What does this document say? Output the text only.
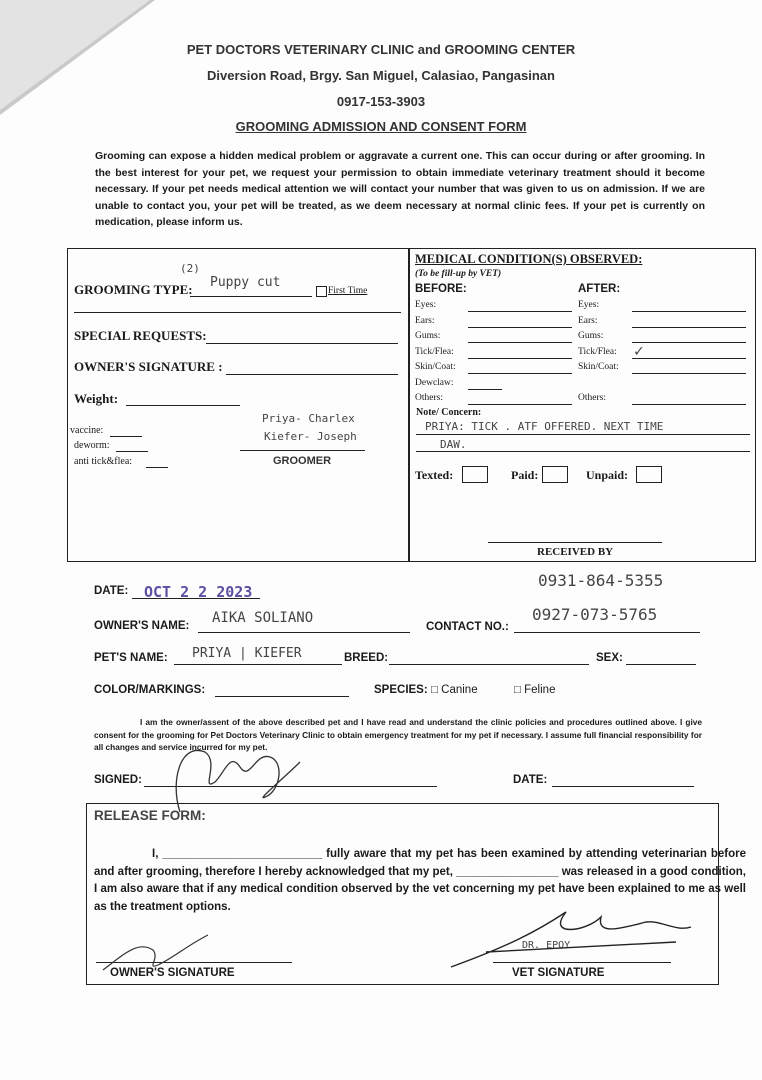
PET DOCTORS VETERINARY CLINIC and GROOMING CENTER
Diversion Road, Brgy. San Miguel, Calasiao, Pangasinan
0917-153-3903
GROOMING ADMISSION AND CONSENT FORM
Grooming can expose a hidden medical problem or aggravate a current one. This can occur during or after grooming. In the best interest for your pet, we request your permission to obtain immediate veterinary treatment should it become necessary. If your pet needs medical attention we will contact your number that was given to us on admission. If we are unable to contact you, your pet will be treated, as we deem necessary at normal clinic fees. If your pet is currently on medication, please inform us.
GROOMING TYPE:
(2)
Puppy cut
First Time
SPECIAL REQUESTS:
OWNER'S SIGNATURE :
Weight:
vaccine:
deworm:
anti tick&flea:
Priya- Charlex
Kiefer- Joseph
GROOMER
MEDICAL CONDITION(S) OBSERVED:
(To be fill-up by VET)
BEFORE:	AFTER:
Eyes:	Eyes:
Ears:	Ears:
Gums:	Gums:
Tick/Flea:	Tick/Flea: ✓
Skin/Coat:	Skin/Coat:
Dewclaw:
Others:	Others:
Note/ Concern:
PRIYA: TICK . ATF OFFERED. NEXT TIME
DAW.
Texted:	Paid:	Unpaid:
RECEIVED BY
DATE: OCT 2 2 2023
0931-864-5355
OWNER'S NAME: AIKA SOLIANO
CONTACT NO.:
0927-073-5765
PET'S NAME: PRIYA | KIEFER	BREED:	SEX:
COLOR/MARKINGS:	SPECIES: □ Canine	□ Feline
I am the owner/assent of the above described pet and I have read and understand the clinic policies and procedures outlined above. I give consent for the grooming for Pet Doctors Veterinary Clinic to obtain emergency treatment for my pet if necessary. I assume full financial responsibility for all changes and service incurred for my pet.
SIGNED:	DATE:
RELEASE FORM:
I, _________________________ fully aware that my pet has been examined by attending veterinarian before and after grooming, therefore I hereby acknowledged that my pet, ________________ was released in a good condition, I am also aware that if any medical condition observed by the vet concerning my pet have been explained to me as well as the treatment options.
OWNER'S SIGNATURE	VET SIGNATURE
DR. EPOY
